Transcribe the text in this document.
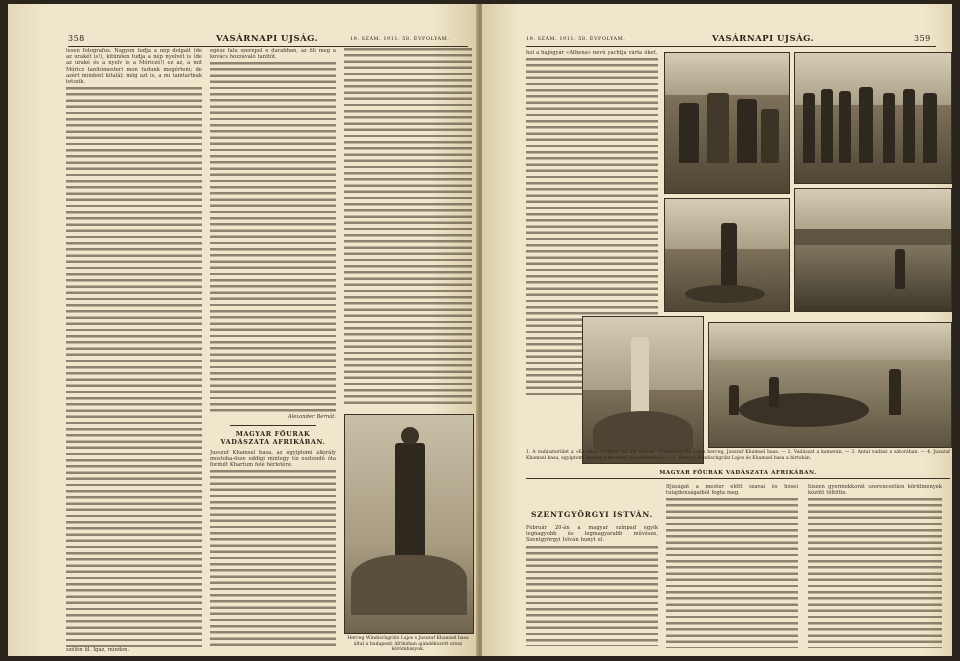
358	VASÁRNAPI UJSÁG.	19. SZÁM. 1911. 58. ÉVFOLYAM.
lesen fotografus. Nagyon tudja a nép dolgait (de az urakét is!), kitünően tudja a nép nyelvét is (de az uraké és a nyelv is a Móriczé!) ez az, a mit Móricz tanitómesteri mon tudunk megérteni; de azért mindent kitalál; mög azt is, a mi tamtartnak tetszik.
szélén ül. Igaz, minden.
egész falu szerepel e darabban, az öli meg a kovács hozzávaló tanitót.
Alexander Bernát.
MAGYAR FŐURAK VADÁSZATA AFRIKÁBAN.
Jusszuf Khamsel basa, az egyiptomi alkirály mostoha-ösze eddigi mintegy tíz esztendő óta fordult Khartum felé bérletére.
Herceg Windischgrätz Lajos s Jusszuf Khamsel basa által a budapesti Afrikában ajándékozott orosz körömbásyuk.
19. SZÁM. 1911. 58. ÉVFOLYAM.	VASÁRNAPI UJSÁG.	359
hol a hajógyár «Athena» nevű yachtja várta őket.
1. A vadászterület a «Karafle» yachton: Az ülő sorban: Windischgrätz Lajos herceg, Jusszuf Khamsel basa. — 2. Vadászat a kamerán. — 3. Antal vadász a sátorában. — 4. Jusszuf Khamsel basa, egyiptomi herceg a bevezető fácánfészekről. — 5. Herceg Windischgrätz Lajos és Khamsel basa a birtokán.
MAGYAR FŐURAK VADÁSZATA AFRIKÁBAN.
SZENTGYÖRGYI ISTVÁN.
Február 20-án a magyar színpad egyik legnagyobb és legmagyarabb művésze, Szentgyörgyi István hunyt el.
Ifjúságát a mester előtt szavai és hősei tulajdonságaiból fogta meg.
hiszen gyermekkorát szerencsétlen körülmények között töltötte.
